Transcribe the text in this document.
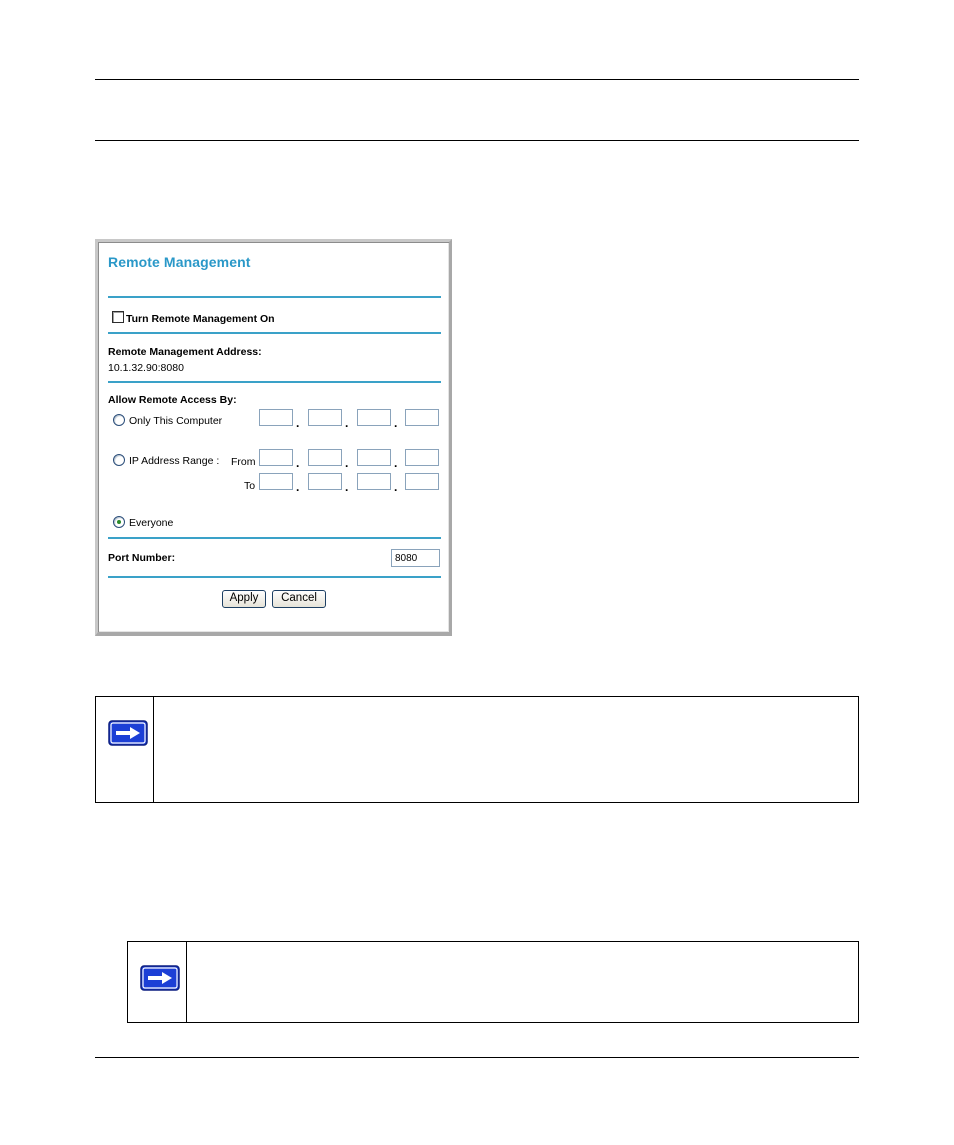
Remote Management
Turn Remote Management On
Remote Management Address:
10.1.32.90:8080
Allow Remote Access By:
Only This Computer	.	.	.
IP Address Range : From	.	.	.
To	.	.	.
Everyone
Port Number:
8080
Apply	Cancel
